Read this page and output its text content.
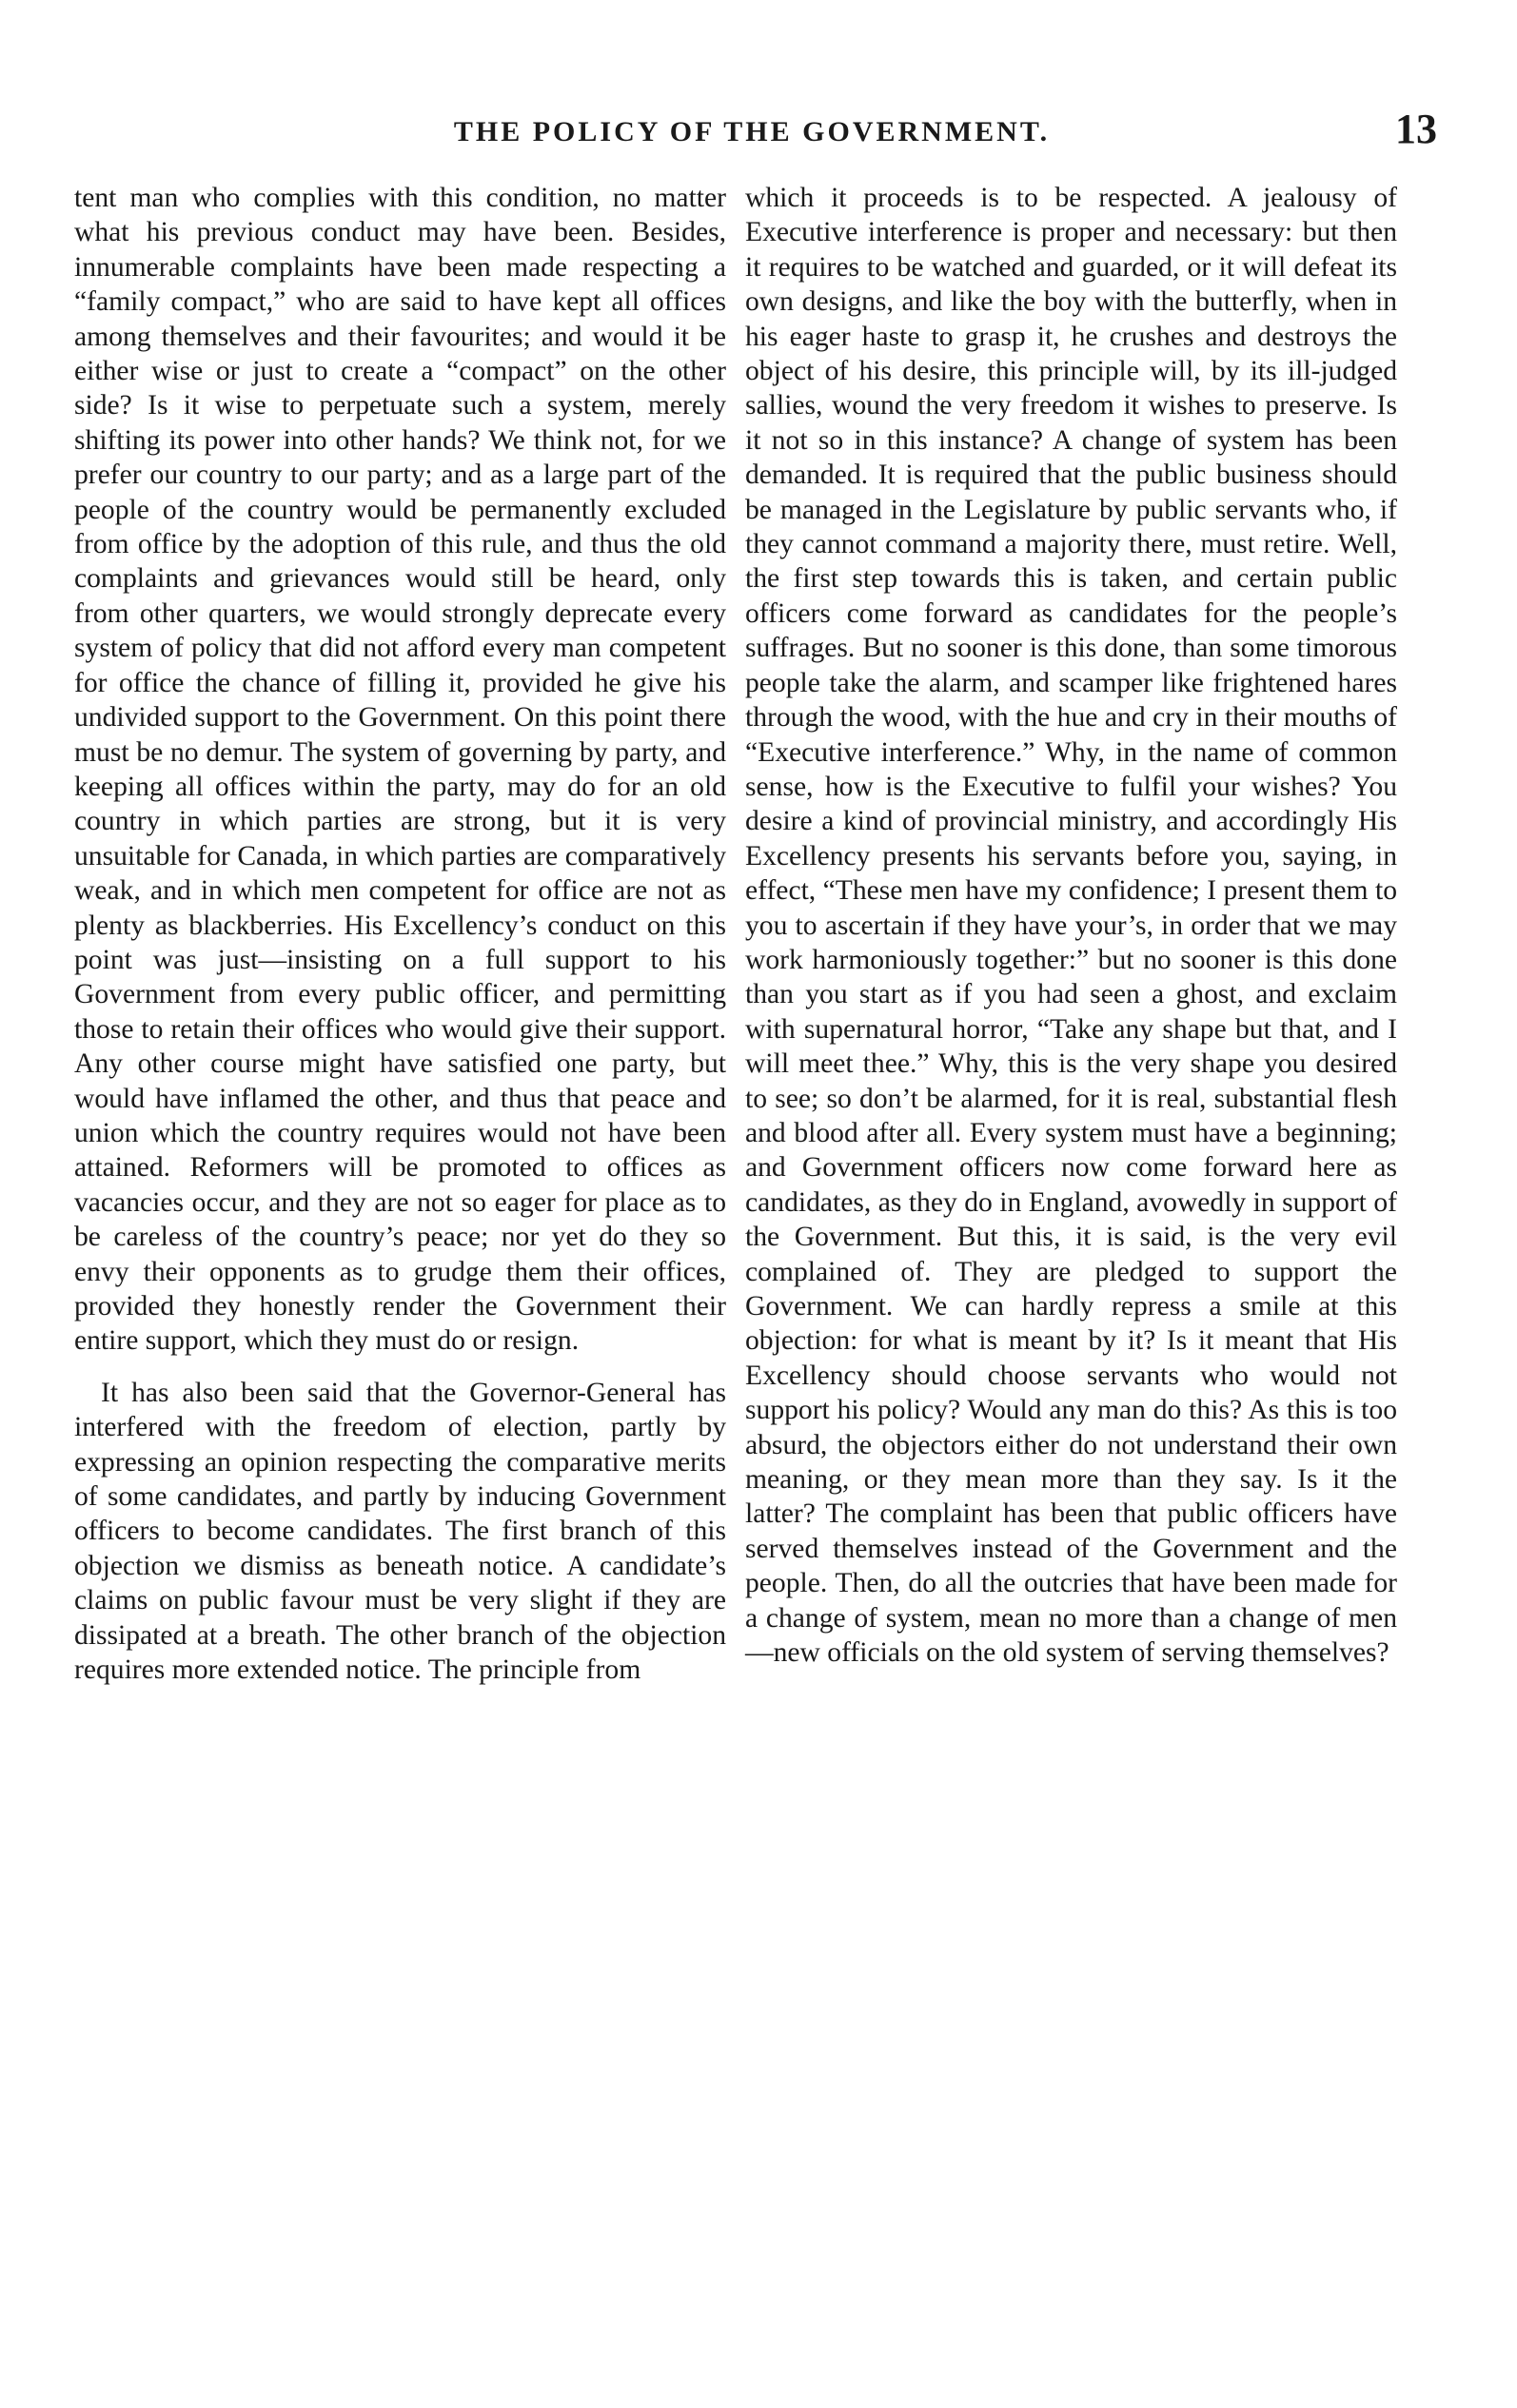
THE POLICY OF THE GOVERNMENT.	13

tent man who complies with this condition, no matter what his previous conduct may have been. Besides, innumerable complaints have been made respecting a “family compact,” who are said to have kept all offices among themselves and their favourites; and would it be either wise or just to create a “compact” on the other side? Is it wise to perpetuate such a system, merely shifting its power into other hands? We think not, for we prefer our country to our party; and as a large part of the people of the country would be permanently excluded from office by the adoption of this rule, and thus the old complaints and grievances would still be heard, only from other quarters, we would strongly deprecate every system of policy that did not afford every man competent for office the chance of filling it, provided he give his undivided support to the Government. On this point there must be no demur. The system of governing by party, and keeping all offices within the party, may do for an old country in which parties are strong, but it is very unsuitable for Canada, in which parties are comparatively weak, and in which men competent for office are not as plenty as blackberries. His Excellency’s conduct on this point was just—insisting on a full support to his Government from every public officer, and permitting those to retain their offices who would give their support. Any other course might have satisfied one party, but would have inflamed the other, and thus that peace and union which the country requires would not have been attained. Reformers will be promoted to offices as vacancies occur, and they are not so eager for place as to be careless of the country’s peace; nor yet do they so envy their opponents as to grudge them their offices, provided they honestly render the Government their entire support, which they must do or resign.

It has also been said that the Governor-General has interfered with the freedom of election, partly by expressing an opinion respecting the comparative merits of some candidates, and partly by inducing Government officers to become candidates. The first branch of this objection we dismiss as beneath notice. A candidate’s claims on public favour must be very slight if they are dissipated at a breath. The other branch of the objection requires more extended notice. The principle from

which it proceeds is to be respected. A jealousy of Executive interference is proper and necessary: but then it requires to be watched and guarded, or it will defeat its own designs, and like the boy with the butterfly, when in his eager haste to grasp it, he crushes and destroys the object of his desire, this principle will, by its ill-judged sallies, wound the very freedom it wishes to preserve. Is it not so in this instance? A change of system has been demanded. It is required that the public business should be managed in the Legislature by public servants who, if they cannot command a majority there, must retire. Well, the first step towards this is taken, and certain public officers come forward as candidates for the people’s suffrages. But no sooner is this done, than some timorous people take the alarm, and scamper like frightened hares through the wood, with the hue and cry in their mouths of “Executive interference.” Why, in the name of common sense, how is the Executive to fulfil your wishes? You desire a kind of provincial ministry, and accordingly His Excellency presents his servants before you, saying, in effect, “These men have my confidence; I present them to you to ascertain if they have your’s, in order that we may work harmoniously together:” but no sooner is this done than you start as if you had seen a ghost, and exclaim with supernatural horror, “Take any shape but that, and I will meet thee.” Why, this is the very shape you desired to see; so don’t be alarmed, for it is real, substantial flesh and blood after all. Every system must have a beginning; and Government officers now come forward here as candidates, as they do in England, avowedly in support of the Government. But this, it is said, is the very evil complained of. They are pledged to support the Government. We can hardly repress a smile at this objection: for what is meant by it? Is it meant that His Excellency should choose servants who would not support his policy? Would any man do this? As this is too absurd, the objectors either do not understand their own meaning, or they mean more than they say. Is it the latter? The complaint has been that public officers have served themselves instead of the Government and the people. Then, do all the outcries that have been made for a change of system, mean no more than a change of men—new officials on the old system of serving themselves?
